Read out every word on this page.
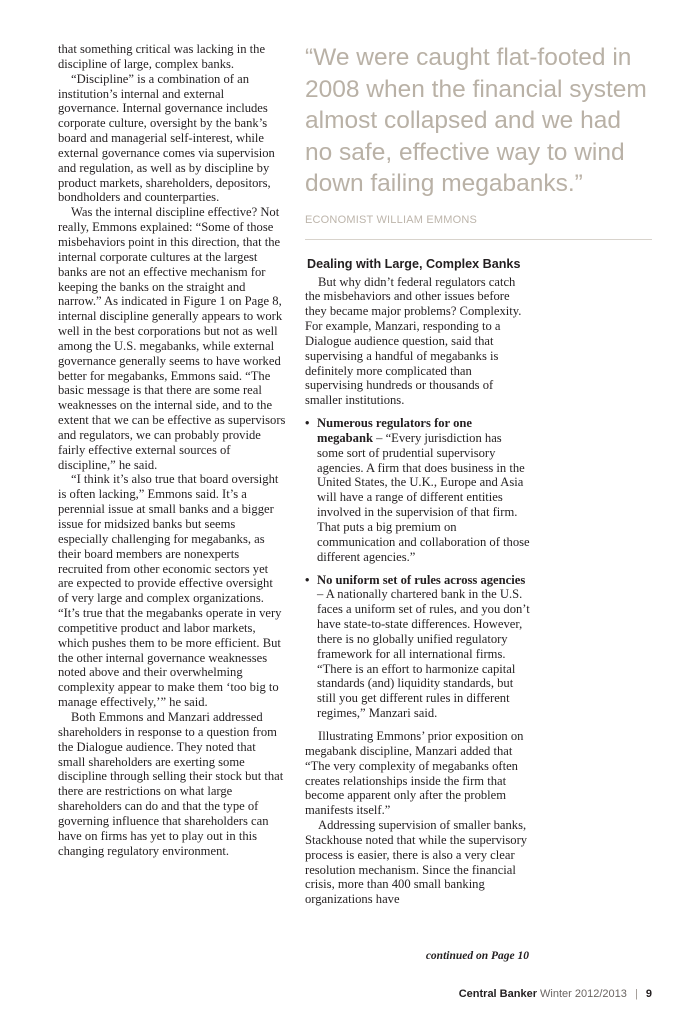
that something critical was lacking in the discipline of large, complex banks.

“Discipline” is a combination of an institution’s internal and external governance. Internal governance includes corporate culture, oversight by the bank’s board and managerial self-interest, while external governance comes via supervision and regulation, as well as by discipline by product markets, shareholders, depositors, bondholders and counterparties.

Was the internal discipline effective? Not really, Emmons explained: “Some of those misbehaviors point in this direction, that the internal corporate cultures at the largest banks are not an effective mechanism for keeping the banks on the straight and narrow.” As indicated in Figure 1 on Page 8, internal discipline generally appears to work well in the best corporations but not as well among the U.S. megabanks, while external governance generally seems to have worked better for megabanks, Emmons said. “The basic message is that there are some real weaknesses on the internal side, and to the extent that we can be effective as supervisors and regulators, we can probably provide fairly effective external sources of discipline,” he said.

“I think it’s also true that board oversight is often lacking,” Emmons said. It’s a perennial issue at small banks and a bigger issue for midsized banks but seems especially challenging for megabanks, as their board members are nonexperts recruited from other economic sectors yet are expected to provide effective oversight of very large and complex organizations. “It’s true that the megabanks operate in very competitive product and labor markets, which pushes them to be more efficient. But the other internal governance weaknesses noted above and their overwhelming complexity appear to make them ‘too big to manage effectively,’” he said.

Both Emmons and Manzari addressed shareholders in response to a question from the Dialogue audience. They noted that small shareholders are exerting some discipline through selling their stock but that there are restrictions on what large shareholders can do and that the type of governing influence that shareholders can have on firms has yet to play out in this changing regulatory environment.

“We were caught flat-footed in 2008 when the financial system almost collapsed and we had no safe, effective way to wind down failing megabanks.”
ECONOMIST WILLIAM EMMONS
Dealing with Large, Complex Banks

But why didn’t federal regulators catch the misbehaviors and other issues before they became major problems? Complexity. For example, Manzari, responding to a Dialogue audience question, said that supervising a handful of megabanks is definitely more complicated than supervising hundreds or thousands of smaller institutions.

• Numerous regulators for one megabank – “Every jurisdiction has some sort of prudential supervisory agencies. A firm that does business in the United States, the U.K., Europe and Asia will have a range of different entities involved in the supervision of that firm. That puts a big premium on communication and collaboration of those different agencies.”
• No uniform set of rules across agencies – A nationally chartered bank in the U.S. faces a uniform set of rules, and you don’t have state-to-state differences. However, there is no globally unified regulatory framework for all international firms. “There is an effort to harmonize capital standards (and) liquidity standards, but still you get different rules in different regimes,” Manzari said.

Illustrating Emmons’ prior exposition on megabank discipline, Manzari added that “The very complexity of megabanks often creates relationships inside the firm that become apparent only after the problem manifests itself.”

Addressing supervision of smaller banks, Stackhouse noted that while the supervisory process is easier, there is also a very clear resolution mechanism. Since the financial crisis, more than 400 small banking organizations have

continued on Page 10
Central Banker Winter 2012/2013 | 9
